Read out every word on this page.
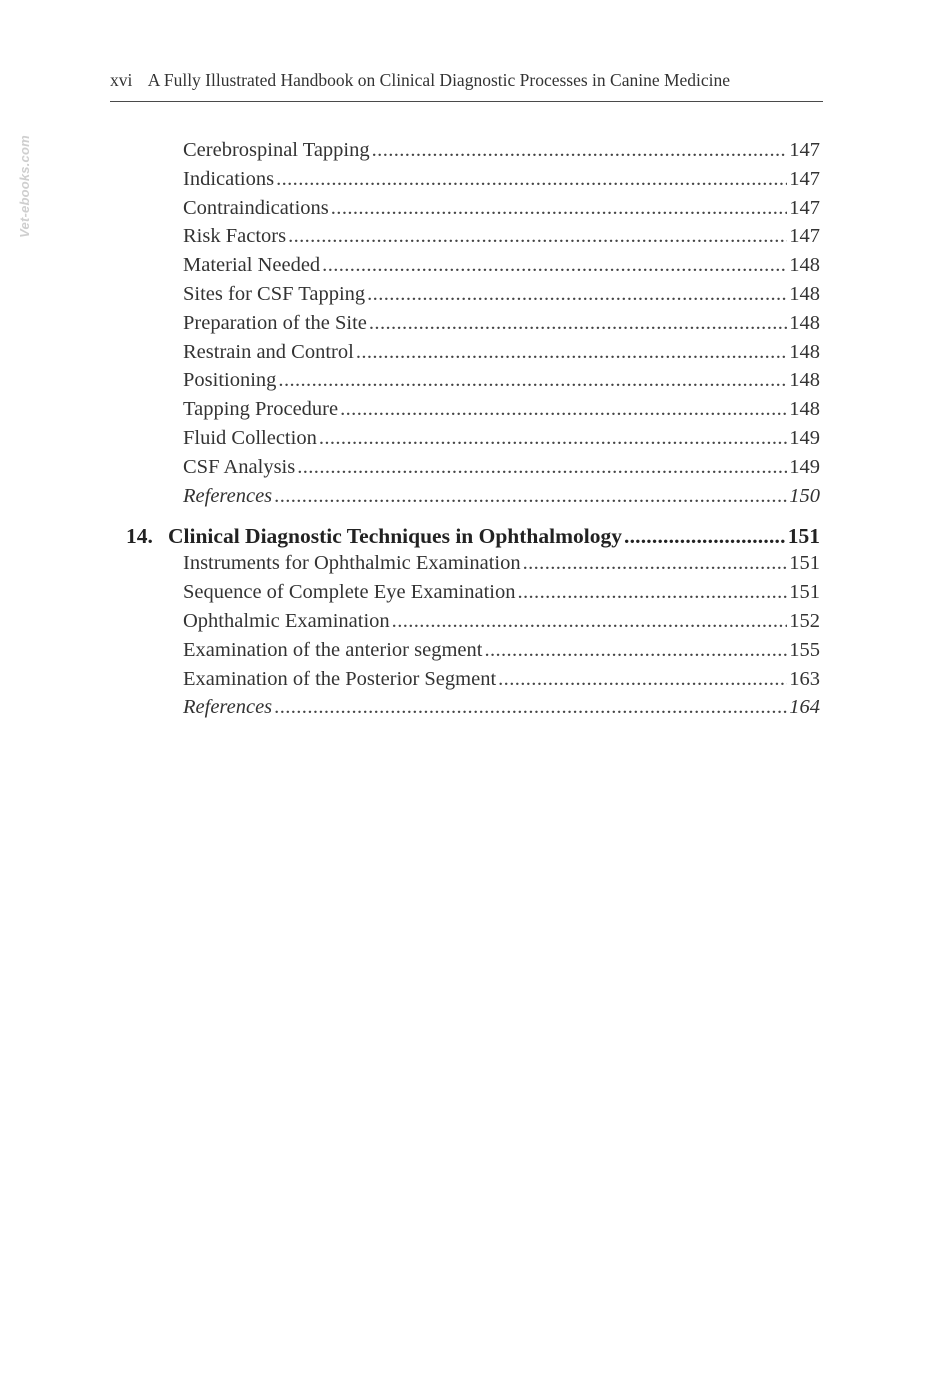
Vet-ebooks.com
xvi A Fully Illustrated Handbook on Clinical Diagnostic Processes in Canine Medicine
Cerebrospinal Tapping .....	147
Indications .....	147
Contraindications .....	147
Risk Factors .....	147
Material Needed .....	148
Sites for CSF Tapping .....	148
Preparation of the Site .....	148
Restrain and Control .....	148
Positioning .....	148
Tapping Procedure .....	148
Fluid Collection .....	149
CSF Analysis .....	149
References .....	150
14. Clinical Diagnostic Techniques in Ophthalmology .....	151
Instruments for Ophthalmic Examination .....	151
Sequence of Complete Eye Examination .....	151
Ophthalmic Examination .....	152
Examination of the anterior segment .....	155
Examination of the Posterior Segment .....	163
References .....	164
